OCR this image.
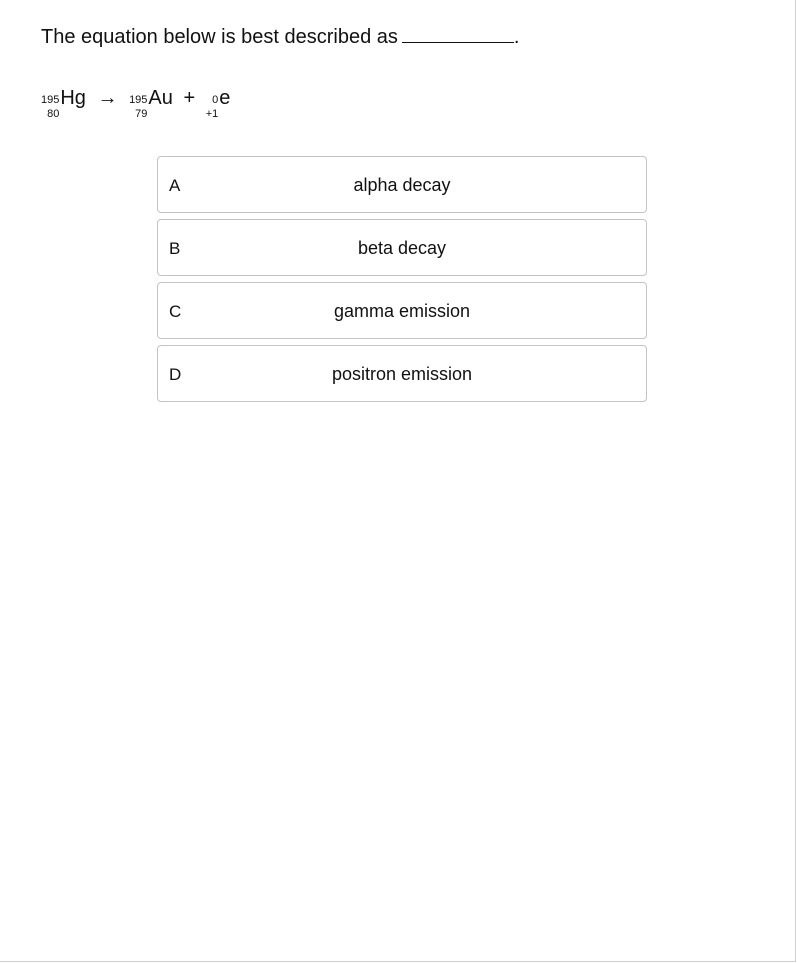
The equation below is best described as	.
195
80
Hg → 195
79
Au + 0
+1
e
A	alpha decay
B	beta decay
C	gamma emission
D	positron emission
